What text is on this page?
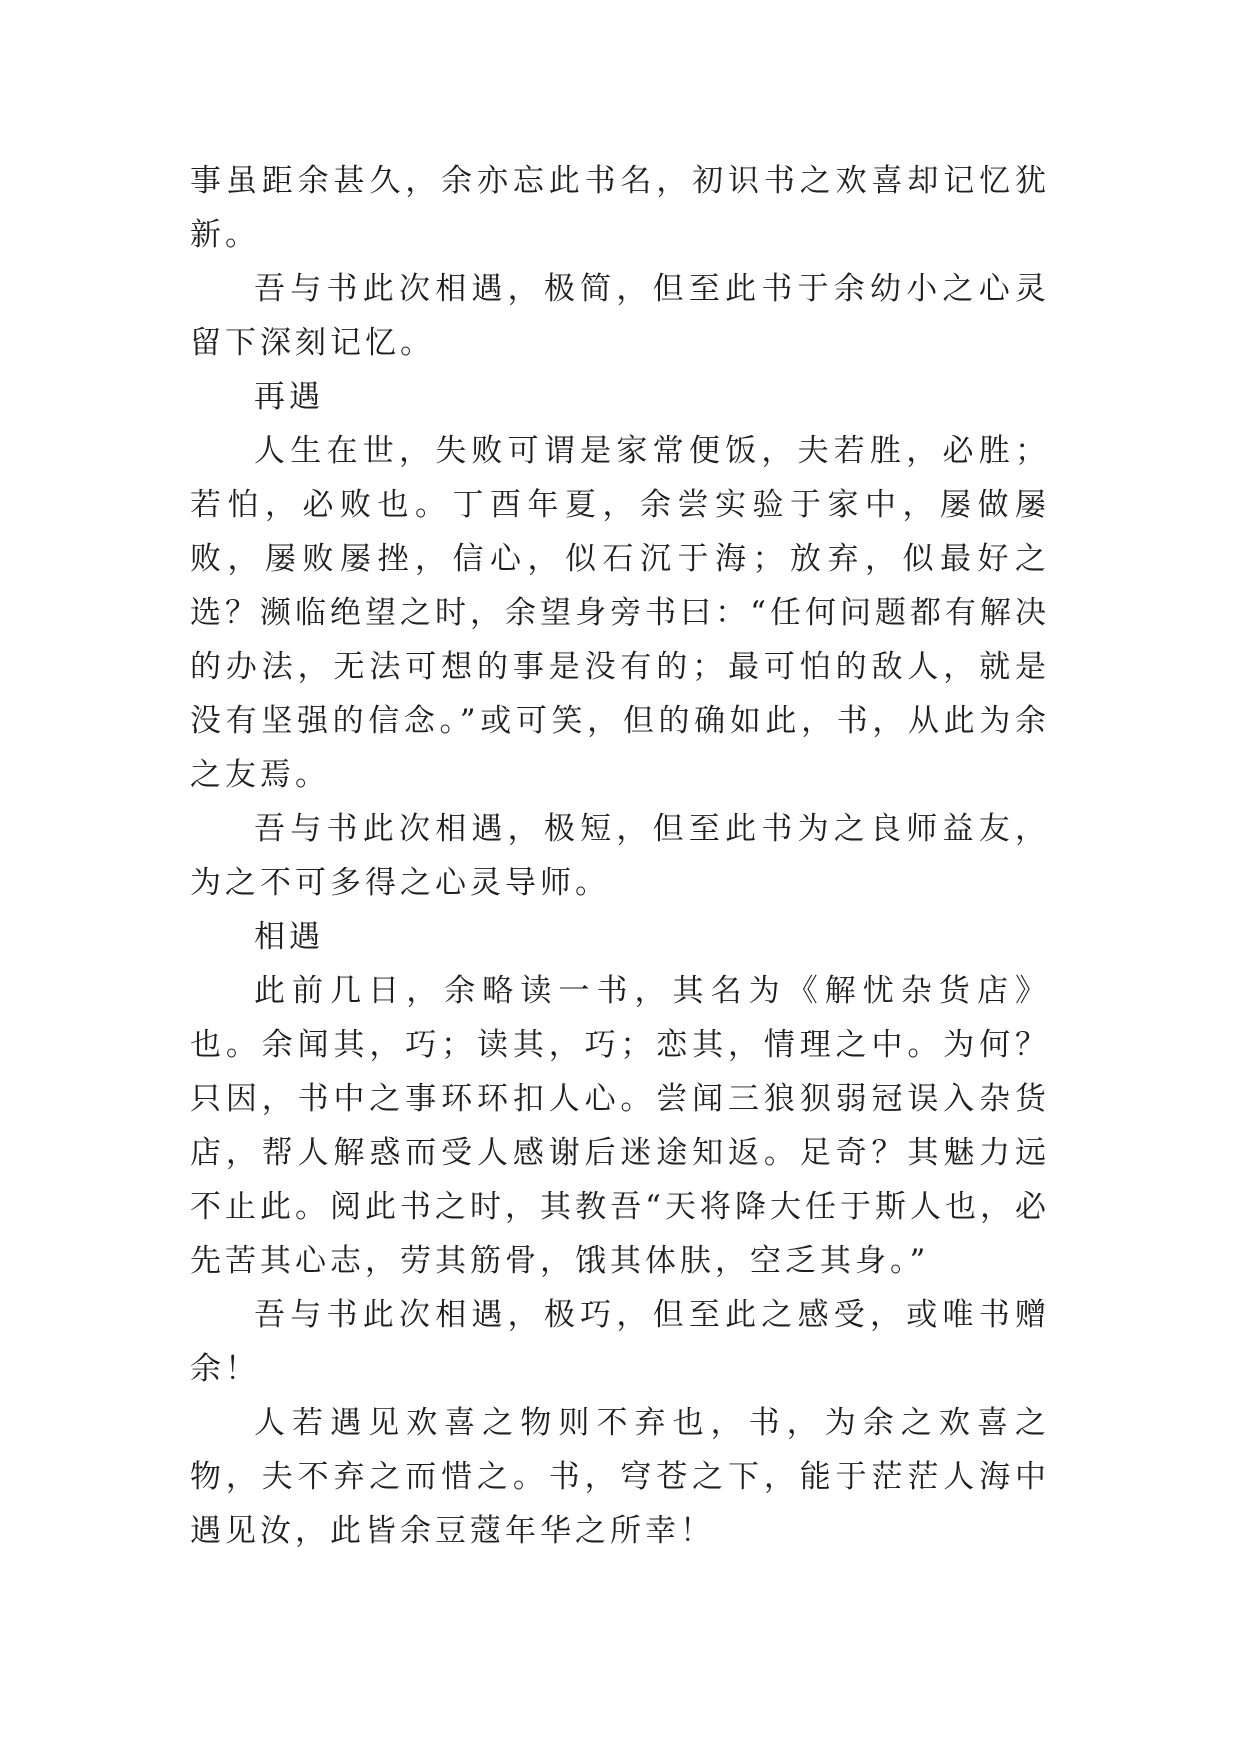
事虽距余甚久，余亦忘此书名，初识书之欢喜却记忆犹新。

吾与书此次相遇，极简，但至此书于余幼小之心灵留下深刻记忆。

再遇

人生在世，失败可谓是家常便饭，夫若胜，必胜；若怕，必败也。丁酉年夏，余尝实验于家中，屡做屡败，屡败屡挫，信心，似石沉于海；放弃，似最好之选？濒临绝望之时，余望身旁书曰：“任何问题都有解决的办法，无法可想的事是没有的；最可怕的敌人，就是没有坚强的信念。”或可笑，但的确如此，书，从此为余之友焉。

吾与书此次相遇，极短，但至此书为之良师益友，为之不可多得之心灵导师。

相遇

此前几日，余略读一书，其名为《解忧杂货店》也。余闻其，巧；读其，巧；恋其，情理之中。为何？只因，书中之事环环扣人心。尝闻三狼狈弱冠误入杂货店，帮人解惑而受人感谢后迷途知返。足奇？其魅力远不止此。阅此书之时，其教吾“天将降大任于斯人也，必先苦其心志，劳其筋骨，饿其体肤，空乏其身。”

吾与书此次相遇，极巧，但至此之感受，或唯书赠余！

人若遇见欢喜之物则不弃也，书，为余之欢喜之物，夫不弃之而惜之。书，穹苍之下，能于茫茫人海中遇见汝，此皆余豆蔻年华之所幸！
